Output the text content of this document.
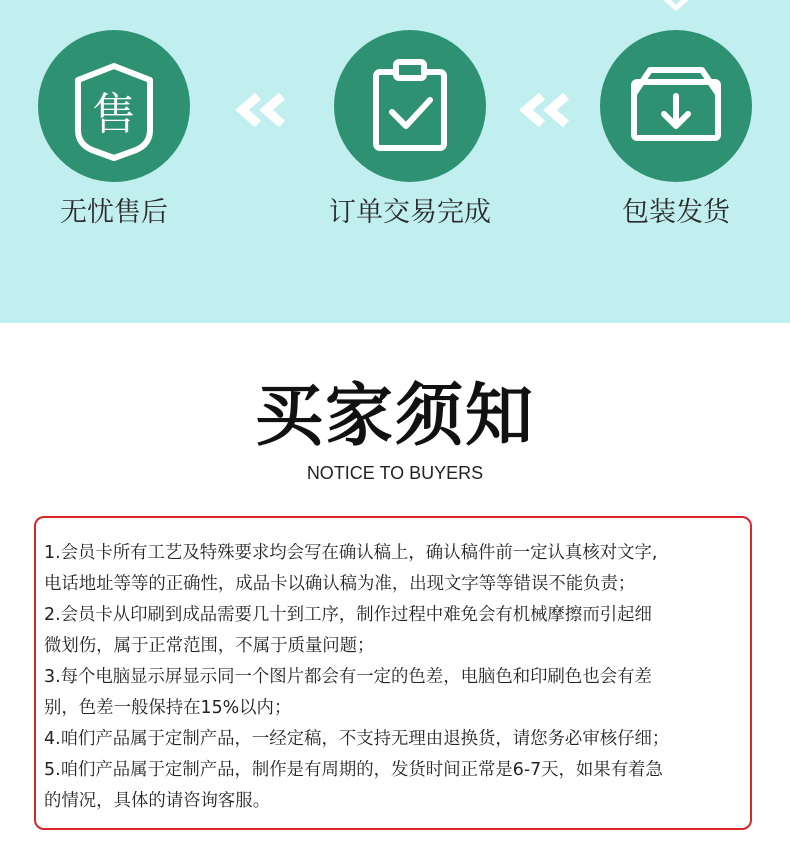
售
无忧售后	订单交易完成	包装发货
买家须知
NOTICE TO BUYERS
1.会员卡所有工艺及特殊要求均会写在确认稿上，确认稿件前一定认真核对文字,
电话地址等等的正确性，成品卡以确认稿为准，出现文字等等错误不能负责；
2.会员卡从印刷到成品需要几十到工序，制作过程中难免会有机械摩擦而引起细
微划伤，属于正常范围，不属于质量问题；
3.每个电脑显示屏显示同一个图片都会有一定的色差，电脑色和印刷色也会有差
别，色差一般保持在15%以内；
4.咱们产品属于定制产品，一经定稿，不支持无理由退换货，请您务必审核仔细；
5.咱们产品属于定制产品，制作是有周期的，发货时间正常是6-7天，如果有着急
的情况，具体的请咨询客服。
